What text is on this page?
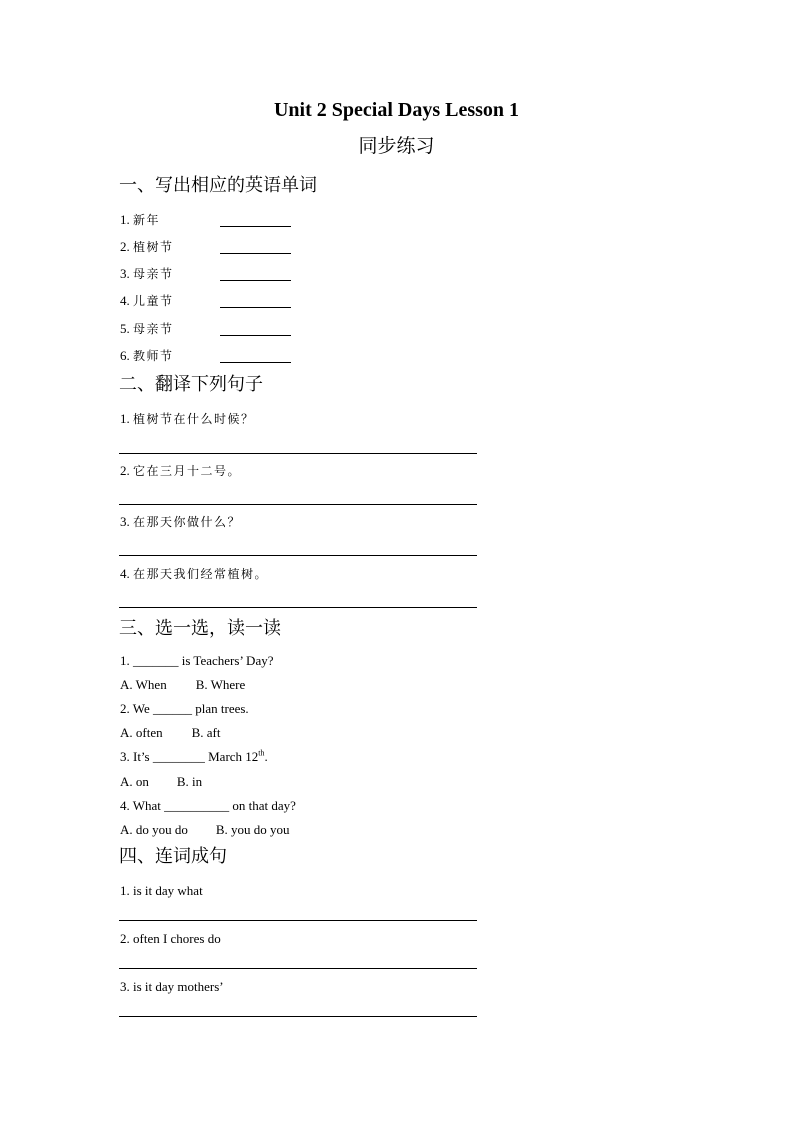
Unit 2 Special Days Lesson 1
同步练习
一、写出相应的英语单词
1. 新年
2. 植树节
3. 母亲节
4. 儿童节
5. 母亲节
6. 教师节
二、翻译下列句子
1. 植树节在什么时候？
2. 它在三月十二号。
3. 在那天你做什么？
4. 在那天我们经常植树。
三、选一选，读一读
1. _______ is Teachers’ Day?
A. When B. Where
2. We ______ plan trees.
A. often B. aft
3. It’s ________ March 12th.
A. on B. in
4. What __________ on that day?
A. do you do B. you do you
四、连词成句
1. is it day what
2. often I chores do
3. is it day mothers’
